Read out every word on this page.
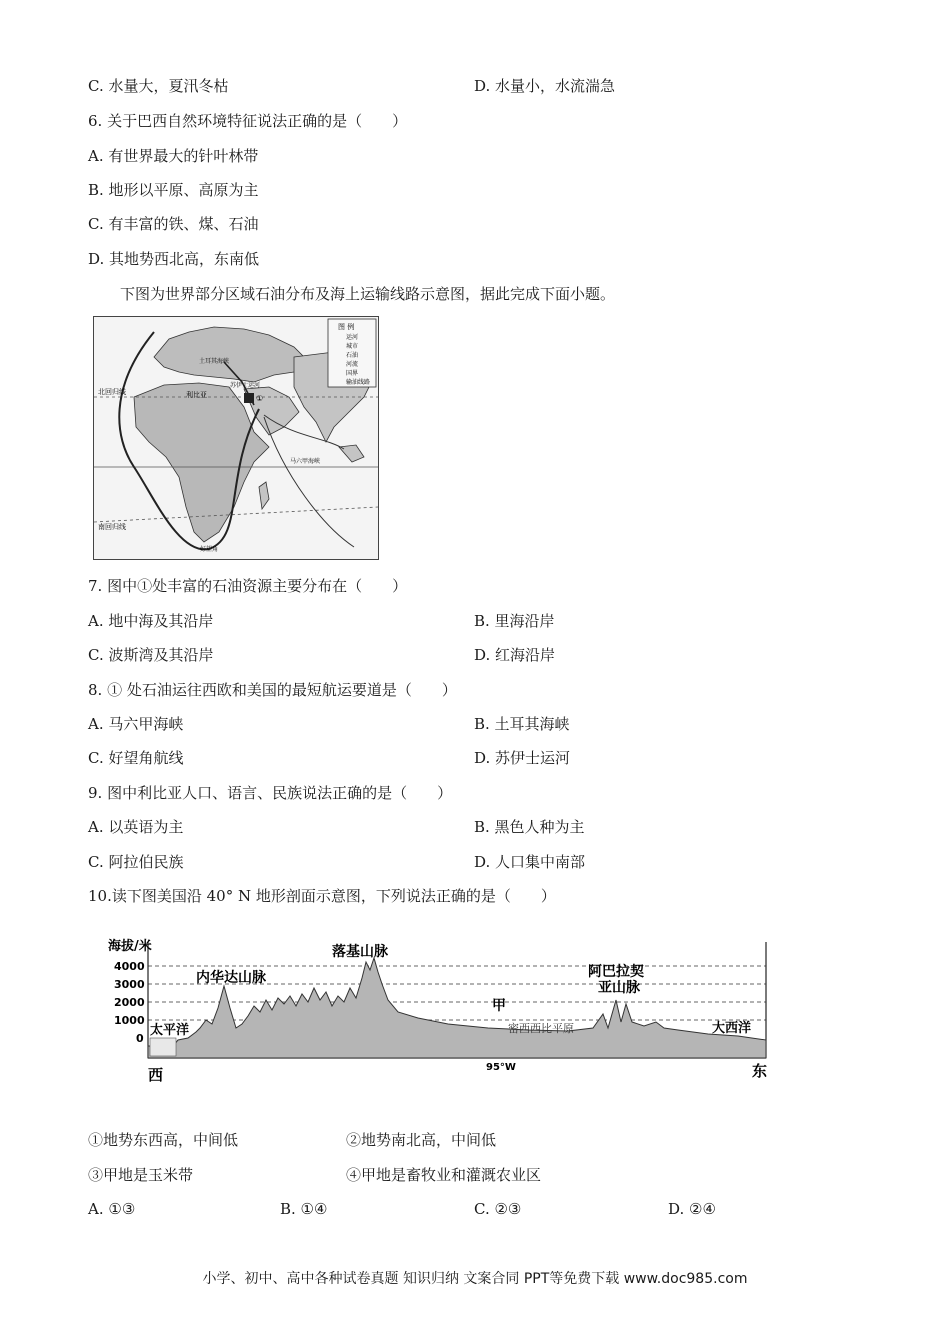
C. 水量大，夏汛冬枯	D. 水量小，水流湍急
6. 关于巴西自然环境特征说法正确的是（　　）
A. 有世界最大的针叶林带
B. 地形以平原、高原为主
C. 有丰富的铁、煤、石油
D. 其地势西北高，东南低
下图为世界部分区域石油分布及海上运输线路示意图，据此完成下面小题。
图 例
运河
城市
石油
河流
国界
输油线路
北回归线
南回归线
利比亚
土耳其海峡
苏伊士运河
马六甲海峡
好望角
①
7. 图中①处丰富的石油资源主要分布在（　　）
A. 地中海及其沿岸	B. 里海沿岸
C. 波斯湾及其沿岸	D. 红海沿岸
8. ① 处石油运往西欧和美国的最短航运要道是（　　）
A. 马六甲海峡	B. 土耳其海峡
C. 好望角航线	D. 苏伊士运河
9. 图中利比亚人口、语言、民族说法正确的是（　　）
A. 以英语为主	B. 黑色人种为主
C. 阿拉伯民族	D. 人口集中南部
10.读下图美国沿 40° N 地形剖面示意图，下列说法正确的是（　　）
海拔/米
4000
3000
2000
1000
0
落基山脉
内华达山脉	阿巴拉契
亚山脉
甲
密西西比平原
太平洋	大西洋
95°W
西	东
①地势东西高，中间低	②地势南北高，中间低
③甲地是玉米带	④甲地是畜牧业和灌溉农业区
A. ①③	B. ①④	C. ②③	D. ②④
小学、初中、高中各种试卷真题 知识归纳 文案合同 PPT等免费下载 www.doc985.com
